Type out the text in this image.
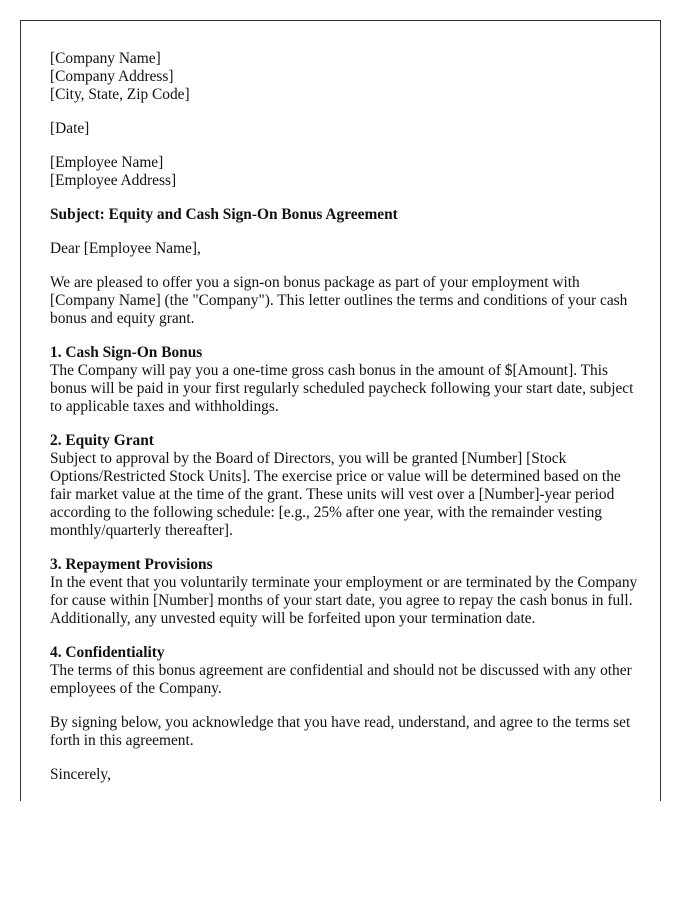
[Company Name]
[Company Address]
[City, State, Zip Code]
[Date]
[Employee Name]
[Employee Address]

Subject: Equity and Cash Sign-On Bonus Agreement

Dear [Employee Name],

We are pleased to offer you a sign-on bonus package as part of your employment with [Company Name] (the "Company"). This letter outlines the terms and conditions of your cash bonus and equity grant.

1. Cash Sign-On Bonus
The Company will pay you a one-time gross cash bonus in the amount of $[Amount]. This bonus will be paid in your first regularly scheduled paycheck following your start date, subject to applicable taxes and withholdings.
2. Equity Grant
Subject to approval by the Board of Directors, you will be granted [Number] [Stock Options/Restricted Stock Units]. The exercise price or value will be determined based on the fair market value at the time of the grant. These units will vest over a [Number]-year period according to the following schedule: [e.g., 25% after one year, with the remainder vesting monthly/quarterly thereafter].
3. Repayment Provisions
In the event that you voluntarily terminate your employment or are terminated by the Company for cause within [Number] months of your start date, you agree to repay the cash bonus in full. Additionally, any unvested equity will be forfeited upon your termination date.
4. Confidentiality
The terms of this bonus agreement are confidential and should not be discussed with any other employees of the Company.

By signing below, you acknowledge that you have read, understand, and agree to the terms set forth in this agreement.

Sincerely,
